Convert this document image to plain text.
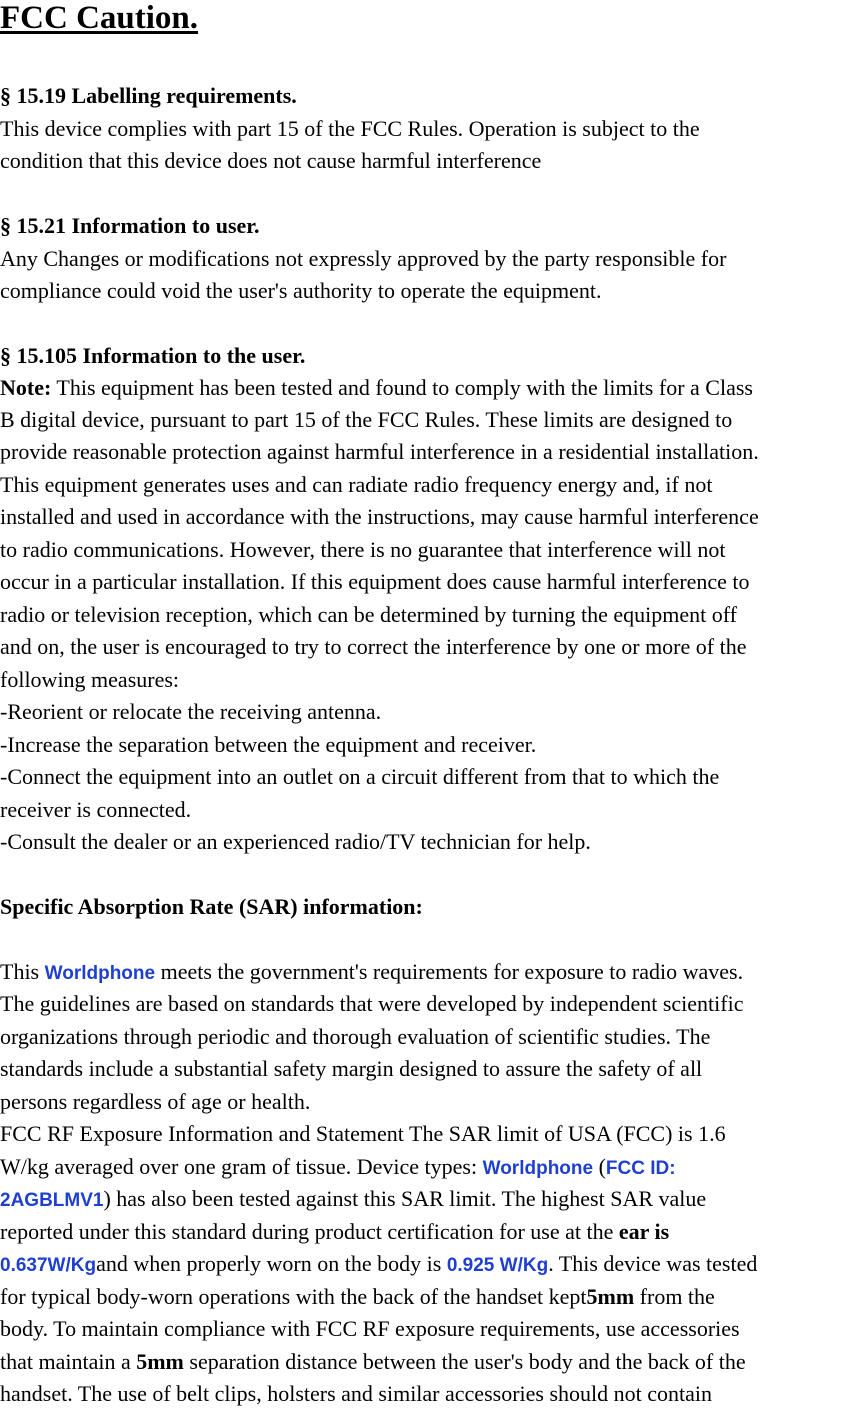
FCC Caution.
§ 15.19 Labelling requirements.
This device complies with part 15 of the FCC Rules. Operation is subject to the
condition that this device does not cause harmful interference
§ 15.21 Information to user.
Any Changes or modifications not expressly approved by the party responsible for
compliance could void the user's authority to operate the equipment.
§ 15.105 Information to the user.
Note: This equipment has been tested and found to comply with the limits for a Class
B digital device, pursuant to part 15 of the FCC Rules. These limits are designed to
provide reasonable protection against harmful interference in a residential installation.
This equipment generates uses and can radiate radio frequency energy and, if not
installed and used in accordance with the instructions, may cause harmful interference
to radio communications. However, there is no guarantee that interference will not
occur in a particular installation. If this equipment does cause harmful interference to
radio or television reception, which can be determined by turning the equipment off
and on, the user is encouraged to try to correct the interference by one or more of the
following measures:
-Reorient or relocate the receiving antenna.
-Increase the separation between the equipment and receiver.
-Connect the equipment into an outlet on a circuit different from that to which the
receiver is connected.
-Consult the dealer or an experienced radio/TV technician for help.
Specific Absorption Rate (SAR) information:
This Worldphone meets the government's requirements for exposure to radio waves.
The guidelines are based on standards that were developed by independent scientific
organizations through periodic and thorough evaluation of scientific studies. The
standards include a substantial safety margin designed to assure the safety of all
persons regardless of age or health.
FCC RF Exposure Information and Statement The SAR limit of USA (FCC) is 1.6
W/kg averaged over one gram of tissue. Device types: Worldphone (FCC ID:
2AGBLMV1) has also been tested against this SAR limit. The highest SAR value
reported under this standard during product certification for use at the ear is
0.637W/Kgand when properly worn on the body is 0.925 W/Kg. This device was tested
for typical body-worn operations with the back of the handset kept5mm from the
body. To maintain compliance with FCC RF exposure requirements, use accessories
that maintain a 5mm separation distance between the user's body and the back of the
handset. The use of belt clips, holsters and similar accessories should not contain
